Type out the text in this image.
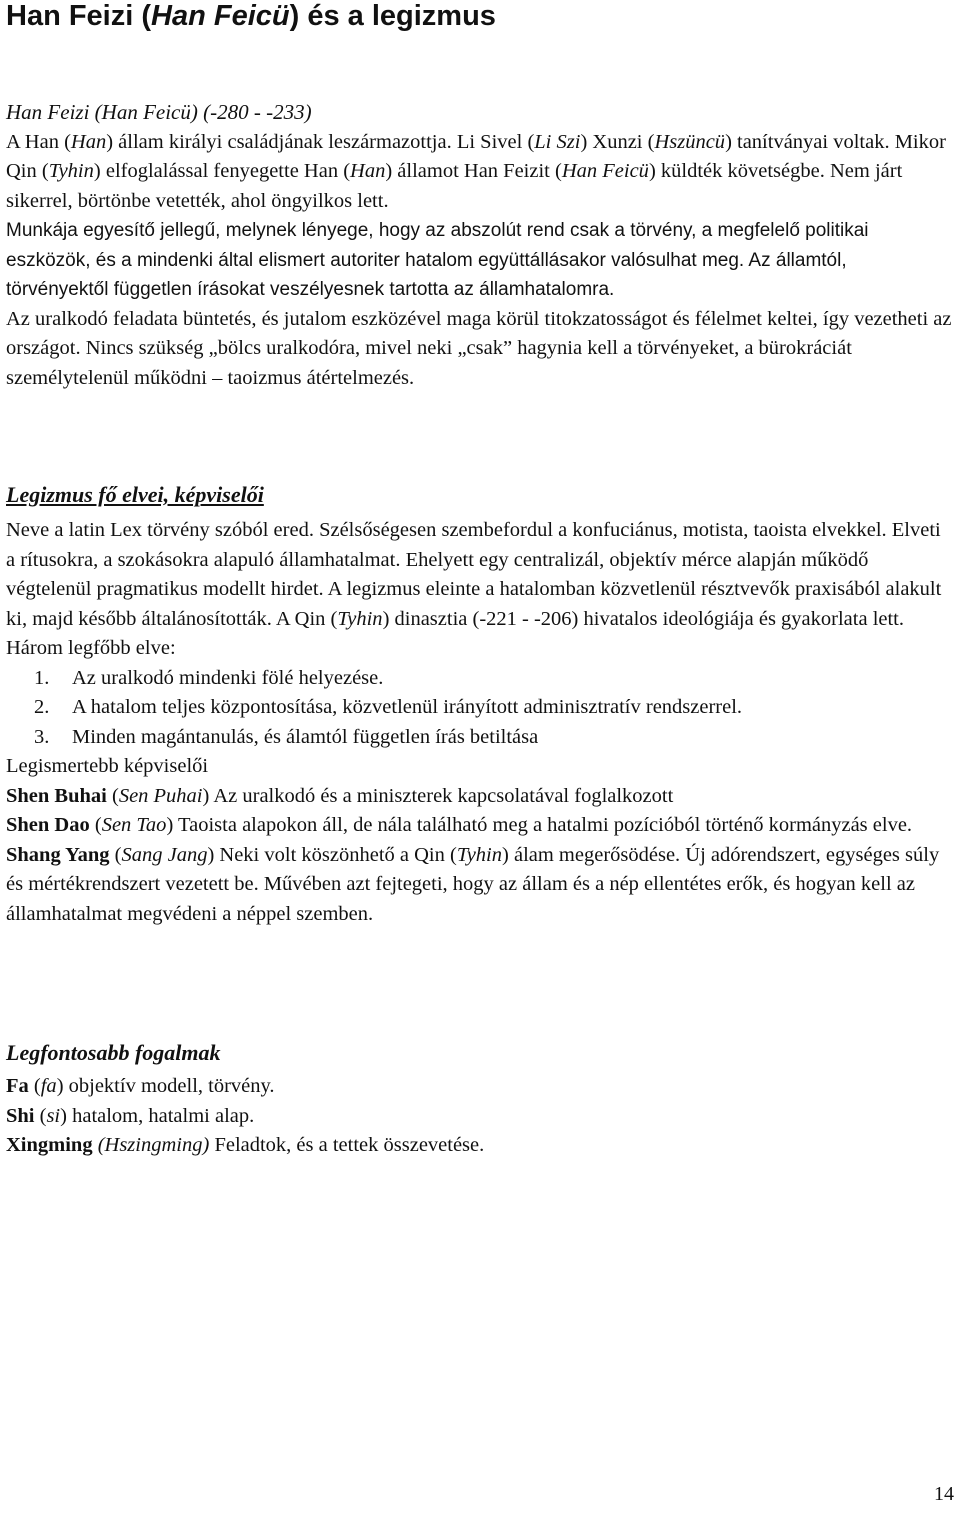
Han Feizi (Han Feicü) és a legizmus

Han Feizi (Han Feicü) (-280 - -233)

A Han (Han) állam királyi családjának leszármazottja. Li Sivel (Li Szi) Xunzi (Hszüncü) tanítványai voltak. Mikor Qin (Tyhin) elfoglalással fenyegette Han (Han) államot Han Feizit (Han Feicü) küldték követségbe. Nem járt sikerrel, börtönbe vetették, ahol öngyilkos lett.

Munkája egyesítő jellegű, melynek lényege, hogy az abszolút rend csak a törvény, a megfelelő politikai eszközök, és a mindenki által elismert autoriter hatalom együttállásakor valósulhat meg. Az államtól, törvényektől független írásokat veszélyesnek tartotta az államhatalomra.

Az uralkodó feladata büntetés, és jutalom eszközével maga körül titokzatosságot és félelmet keltei, így vezetheti az országot. Nincs szükség „bölcs uralkodóra, mivel neki „csak” hagynia kell a törvényeket, a bürokráciát személytelenül működni – taoizmus átértelmezés.

Legizmus fő elvei, képviselői

Neve a latin Lex törvény szóból ered. Szélsőségesen szembefordul a konfuciánus, motista, taoista elvekkel. Elveti a rítusokra, a szokásokra alapuló államhatalmat. Ehelyett egy centralizál, objektív mérce alapján működő végtelenül pragmatikus modellt hirdet. A legizmus eleinte a hatalomban közvetlenül résztvevők praxisából alakult ki, majd később általánosították. A Qin (Tyhin) dinasztia (-221 - -206) hivatalos ideológiája és gyakorlata lett.

Három legfőbb elve:

1. Az uralkodó mindenki fölé helyezése.
2. A hatalom teljes központosítása, közvetlenül irányított adminisztratív rendszerrel.
3. Minden magántanulás, és álamtól független írás betiltása

Legismertebb képviselői

Shen Buhai (Sen Puhai) Az uralkodó és a miniszterek kapcsolatával foglalkozott

Shen Dao (Sen Tao) Taoista alapokon áll, de nála található meg a hatalmi pozícióból történő kormányzás elve.

Shang Yang (Sang Jang) Neki volt köszönhető a Qin (Tyhin) álam megerősödése. Új adórendszert, egységes súly és mértékrendszert vezetett be. Művében azt fejtegeti, hogy az állam és a nép ellentétes erők, és hogyan kell az államhatalmat megvédeni a néppel szemben.

Legfontosabb fogalmak

Fa (fa) objektív modell, törvény.

Shi (si) hatalom, hatalmi alap.

Xingming (Hszingming) Feladtok, és a tettek összevetése.

14
